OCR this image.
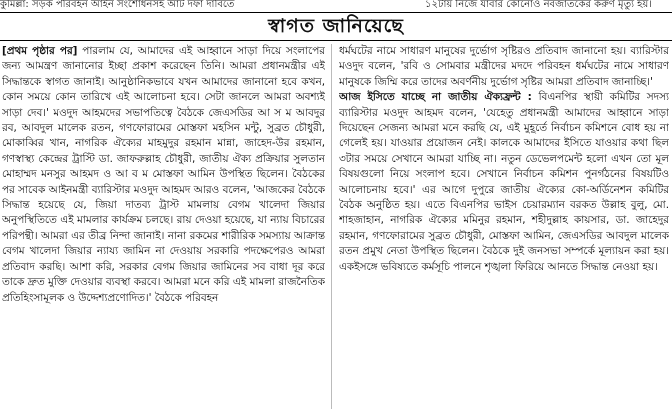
কুমিল্লা: সড়ক পরিবহন আইন সংশোধনসহ আট দফা দাবিতে	১২টায় নিজে যাবার কোনোও নবজাতকের করুণ মৃত্যু হয়।
স্বাগত জানিয়েছে

[প্রথম পৃষ্ঠার পর] পারলাম যে, আমাদের এই আহ্বানে সাড়া দিয়ে সংলাপের জন্য আমন্ত্রণ জানানোর ইচ্ছা প্রকাশ করেছেন তিনি। আমরা প্রধানমন্ত্রীর এই সিদ্ধান্তকে স্বাগত জানাই। আনুষ্ঠানিকভাবে যখন আমাদের জানানো হবে কখন, কোন সময়ে কোন তারিখে এই আলোচনা হবে। সেটা জানলে আমরা অবশ্যই সাড়া দেব।' মওদুদ আহমদের সভাপতিত্বে বৈঠকে জেএসডির আ স ম আবদুর রব, আবদুল মালেক রতন, গণফোরামের মোস্তফা মহসিন মন্টু, সুব্রত চৌধুরী, মোকাব্বির খান, নাগরিক ঐক্যের মাহমুদুর রহমান মান্না, জাহেদ-উর রহমান, গণস্বাস্থ্য কেন্দ্রের ট্রাস্টি ডা. জাফরুল্লাহ চৌধুরী, জাতীয় ঐক্য প্রক্রিয়ার সুলতান মোহাম্মদ মনসুর আহমদ ও আ ব ম মোস্তফা আমিন উপস্থিত ছিলেন। বৈঠকের পর সাবেক আইনমন্ত্রী ব্যারিস্টার মওদুদ আহমদ আরও বলেন, 'আজকের বৈঠকে সিদ্ধান্ত হয়েছে যে, জিয়া দাতব্য ট্রাস্ট মামলায় বেগম খালেদা জিয়ার অনুপস্থিতিতে এই মামলার কার্যক্রম চলছে। রায় দেওয়া হয়েছে, যা ন্যায় বিচারের পরিপন্থী। আমরা এর তীব্র নিন্দা জানাই। নানা রকমের শারীরিক সমস্যায় আক্রান্ত বেগম খালেদা জিয়ার ন্যায্য জামিন না দেওয়ায় সরকারি পদক্ষেপেরও আমরা প্রতিবাদ করছি। আশা করি, সরকার বেগম জিয়ার জামিনের সব বাধা দূর করে তাকে দ্রুত মুক্তি দেওয়ার ব্যবস্থা করবে। আমরা মনে করি এই মামলা রাজনৈতিক প্রতিহিংসামূলক ও উদ্দেশ্যপ্রণোদিত।' বৈঠকে পরিবহন

ধর্মঘটের নামে সাধারণ মানুষের দুর্ভোগ সৃষ্টিরও প্রতিবাদ জানানো হয়। ব্যারিস্টার মওদুদ বলেন, 'রবি ও সোমবার মন্ত্রীদের মদদে পরিবহন ধর্মঘটের নামে সাধারণ মানুষকে জিম্মি করে তাদের অবর্ণনীয় দুর্ভোগ সৃষ্টির আমরা প্রতিবাদ জানাচ্ছি।'

আজ ইসিতে যাচ্ছে না জাতীয় ঐক্যফ্রন্ট : বিএনপির স্থায়ী কমিটির সদস্য ব্যারিস্টার মওদুদ আহমদ বলেন, 'যেহেতু প্রধানমন্ত্রী আমাদের আহ্বানে সাড়া দিয়েছেন সেজন্য আমরা মনে করছি যে, এই মুহূর্তে নির্বাচন কমিশনে বোধ হয় না গেলেই হয়। যাওয়ার প্রয়োজন নেই। কালকে আমাদের ইসিতে যাওয়ার কথা ছিল ৩টার সময়ে সেখানে আমরা যাচ্ছি না। নতুন ডেভেলপমেন্ট হলো এখন তো মূল বিষয়গুলো নিয়ে সংলাপ হবে। সেখানে নির্বাচন কমিশন পুনর্গঠনের বিষয়টিও আলোচনায় হবে।' এর আগে দুপুরে জাতীয় ঐক্যের কো-অর্ডিনেশন কমিটির বৈঠক অনুষ্ঠিত হয়। এতে বিএনপির ভাইস চেয়ারম্যান বরকত উল্লাহ বুলু, মো. শাহজাহান, নাগরিক ঐক্যের মমিনুর রহমান, শহীদুল্লাহ কায়সার, ডা. জাহেদুর রহমান, গণফোরামের সুব্রত চৌধুরী, মোস্তফা আমিন, জেএসডির আবদুল মালেক রতন প্রমুখ নেতা উপস্থিত ছিলেন। বৈঠকে দুই জনসভা সম্পর্কে মূল্যায়ন করা হয়। একইসঙ্গে ভবিষ্যতে কর্মসূচি পালনে শৃঙ্খলা ফিরিয়ে আনতে সিদ্ধান্ত নেওয়া হয়।
